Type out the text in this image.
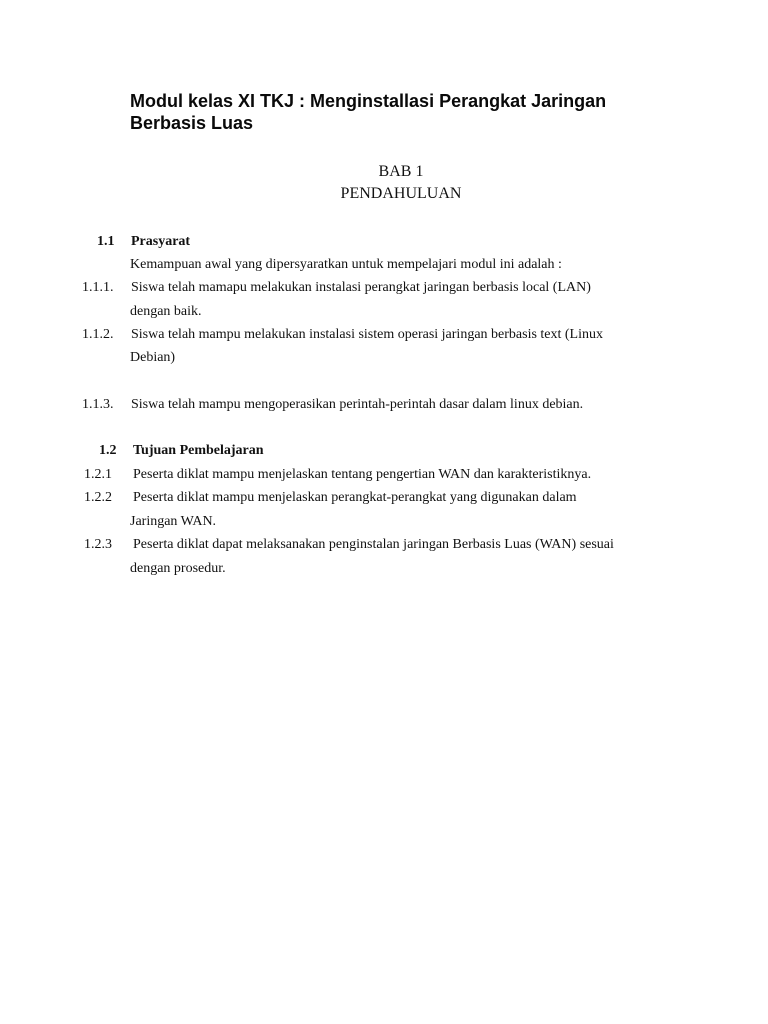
Modul kelas XI TKJ : Menginstallasi Perangkat Jaringan
Berbasis Luas

BAB 1

PENDAHULUAN

1.1 Prasyarat

Kemampuan awal yang dipersyaratkan untuk mempelajari modul ini adalah :

1.1.1. Siswa telah mamapu melakukan instalasi perangkat jaringan berbasis local (LAN)

dengan baik.

1.1.2. Siswa telah mampu melakukan instalasi sistem operasi jaringan berbasis text (Linux

Debian)

1.1.3. Siswa telah mampu mengoperasikan perintah-perintah dasar dalam linux debian.

1.2 Tujuan Pembelajaran

1.2.1 Peserta diklat mampu menjelaskan tentang pengertian WAN dan karakteristiknya.

1.2.2 Peserta diklat mampu menjelaskan perangkat-perangkat yang digunakan dalam

Jaringan WAN.

1.2.3 Peserta diklat dapat melaksanakan penginstalan jaringan Berbasis Luas (WAN) sesuai

dengan prosedur.
